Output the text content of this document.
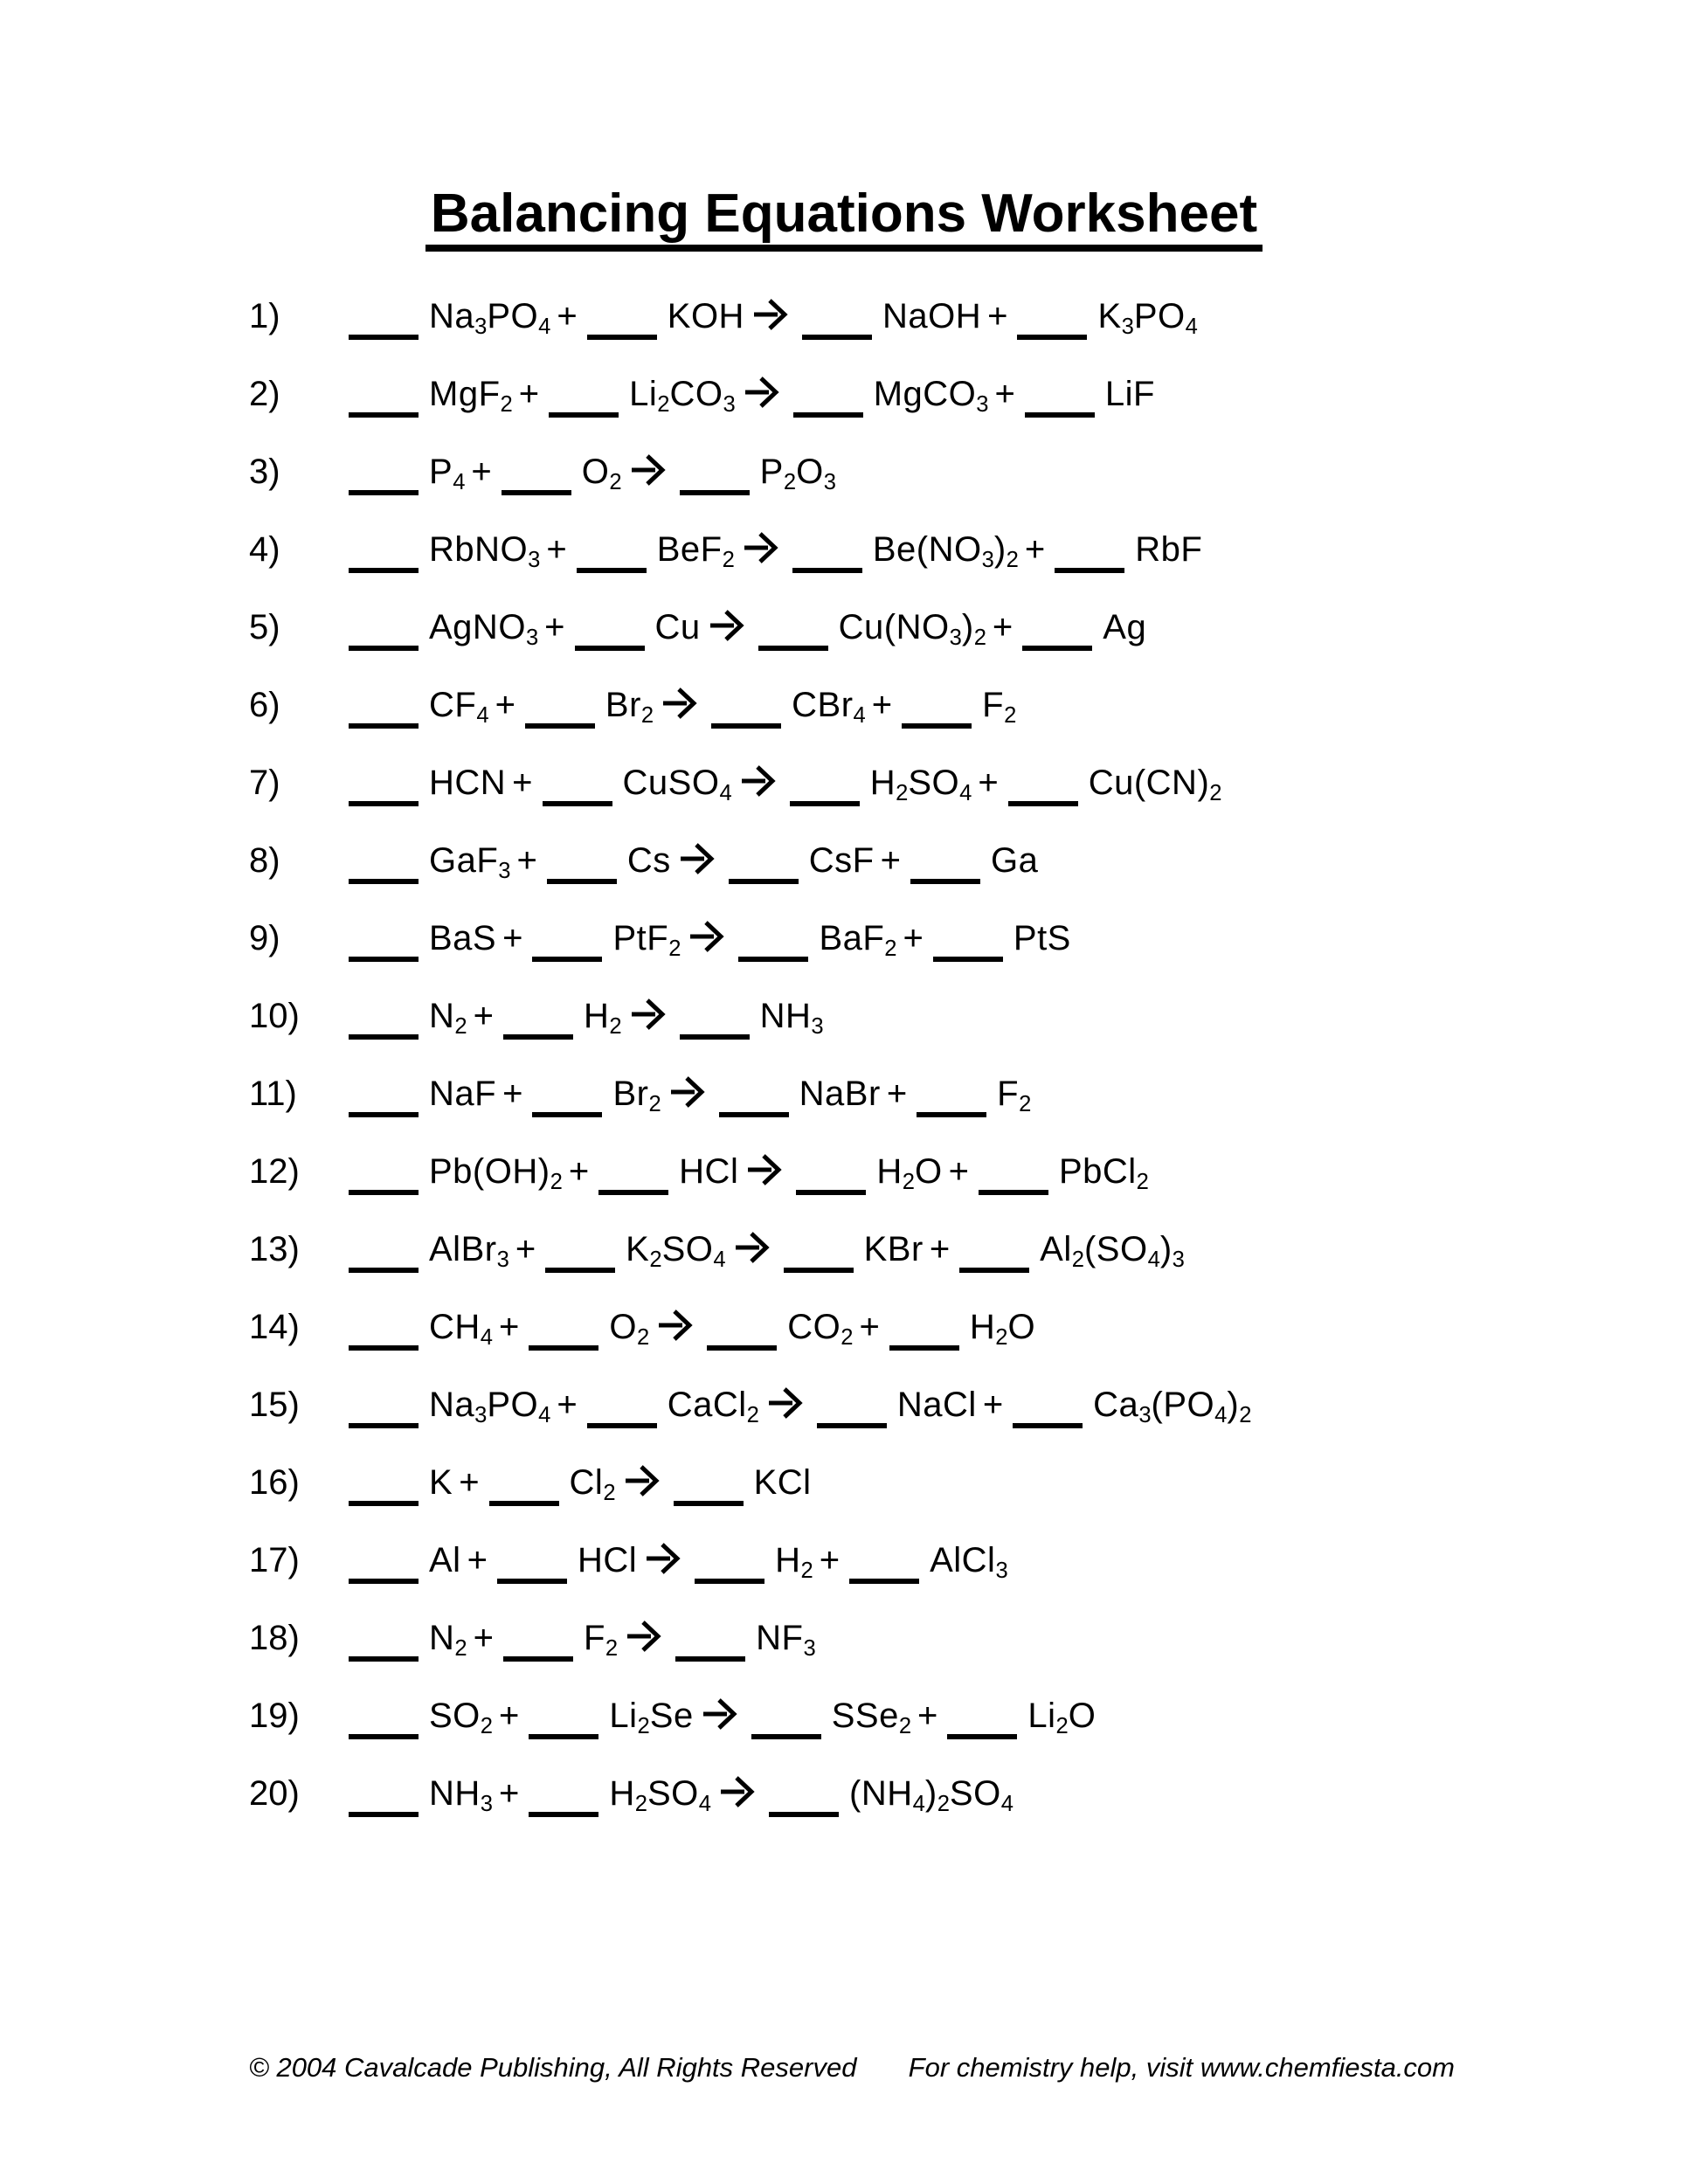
Balancing Equations Worksheet
1)	$Na_3PO_4$ +	KOH	NaOH +	$K_3PO_4$
2)	MgF$_2$ +	$Li_2CO_3$	MgCO$_3$ +	LiF
3)	$P_4$ +	$O_2$	$P_2O_3$
4)	RbNO$_3$ +	BeF$_2$	$Be(NO_3)_2$ +	RbF
5)	AgNO$_3$ +	Cu	$Cu(NO_3)_2$ +	Ag
6)	$CF_4$ +	$Br_2$	CBr$_4$ +	$F_2$
7)	HCN +	CuSO$_4$	$H_2SO_4$ +	$Cu(CN)_2$
8)	GaF$_3$ +	Cs	CsF +	Ga
9)	BaS +	PtF$_2$	BaF$_2$ +	PtS
10)	$N_2$ +	$H_2$	$NH_3$
11)	NaF +	$Br_2$	NaBr +	$F_2$
12)	$Pb(OH)_2$ +	HCl	$H_2O$ +	PbCl$_2$
13)	AlBr$_3$ +	$K_2SO_4$	KBr +	$Al_2(SO_4)_3$
14)	$CH_4$ +	$O_2$	$CO_2$ +	$H_2O$
15)	$Na_3PO_4$ +	CaCl$_2$	NaCl +	$Ca_3(PO_4)_2$
16)	K +	$Cl_2$	KCl
17)	Al +	HCl	$H_2$ +	AlCl$_3$
18)	$N_2$ +	$F_2$	$NF_3$
19)	$SO_2$ +	$Li_2Se$	SSe$_2$ +	$Li_2O$
20)	$NH_3$ +	$H_2SO_4$	$(NH_4)_2SO_4$
© 2004 Cavalcade Publishing, All Rights Reserved For chemistry help, visit www.chemfiesta.com
